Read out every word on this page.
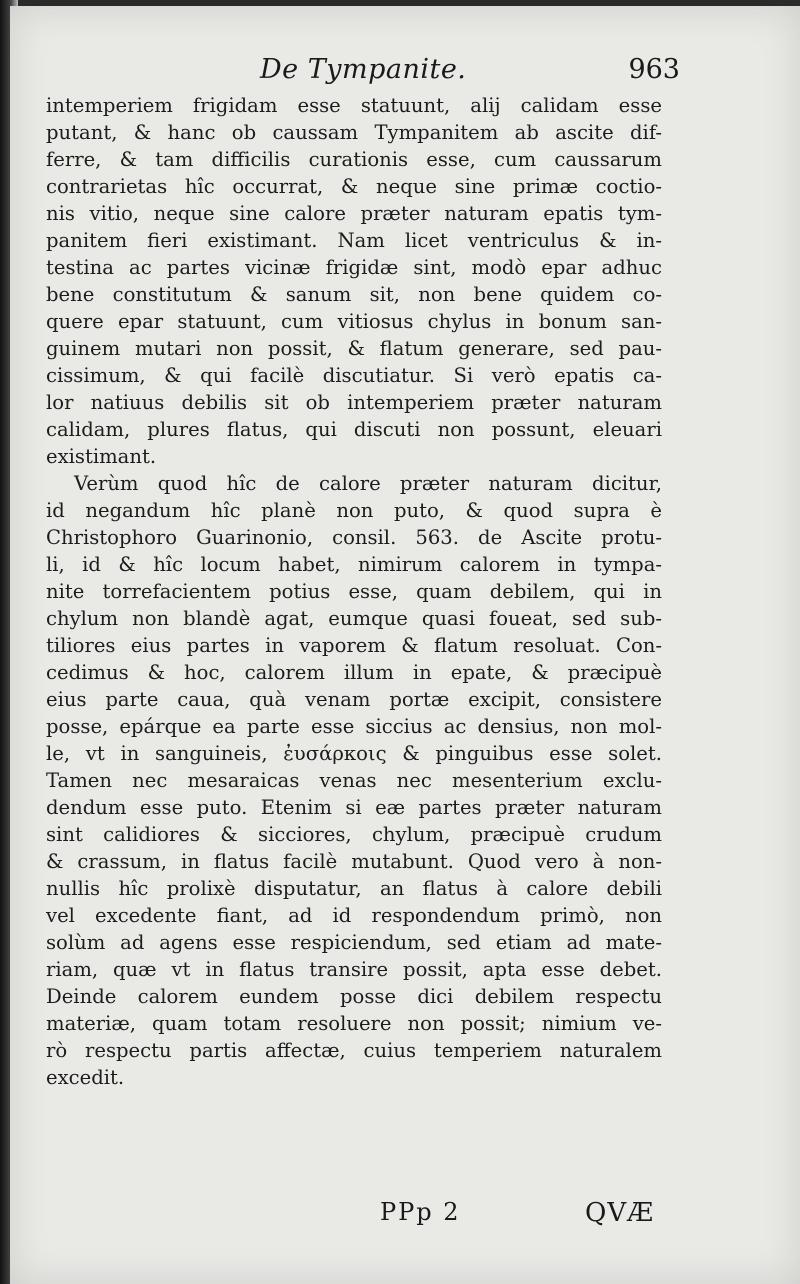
De Tympanite.	963
intemperiem frigidam esse statuunt, alij calidam esse
putant, & hanc ob caussam Tympanitem ab ascite dif-
ferre, & tam difficilis curationis esse, cum caussarum
contrarietas hîc occurrat, & neque sine primæ coctio-
nis vitio, neque sine calore præter naturam epatis tym-
panitem fieri existimant. Nam licet ventriculus & in-
testina ac partes vicinæ frigidæ sint, modò epar adhuc
bene constitutum & sanum sit, non bene quidem co-
quere epar statuunt, cum vitiosus chylus in bonum san-
guinem mutari non possit, & flatum generare, sed pau-
cissimum, & qui facilè discutiatur. Si verò epatis ca-
lor natiuus debilis sit ob intemperiem præter naturam
calidam, plures flatus, qui discuti non possunt, eleuari
existimant.
Verùm quod hîc de calore præter naturam dicitur,
id negandum hîc planè non puto, & quod supra è
Christophoro Guarinonio, consil. 563. de Ascite protu-
li, id & hîc locum habet, nimirum calorem in tympa-
nite torrefacientem potius esse, quam debilem, qui in
chylum non blandè agat, eumque quasi foueat, sed sub-
tiliores eius partes in vaporem & flatum resoluat. Con-
cedimus & hoc, calorem illum in epate, & præcipuè
eius parte caua, quà venam portæ excipit, consistere
posse, epárque ea parte esse siccius ac densius, non mol-
le, vt in sanguineis, ἐυσάρκοις & pinguibus esse solet.
Tamen nec mesaraicas venas nec mesenterium exclu-
dendum esse puto. Etenim si eæ partes præter naturam
sint calidiores & sicciores, chylum, præcipuè crudum
& crassum, in flatus facilè mutabunt. Quod vero à non-
nullis hîc prolixè disputatur, an flatus à calore debili
vel excedente fiant, ad id respondendum primò, non
solùm ad agens esse respiciendum, sed etiam ad mate-
riam, quæ vt in flatus transire possit, apta esse debet.
Deinde calorem eundem posse dici debilem respectu
materiæ, quam totam resoluere non possit; nimium ve-
rò respectu partis affectæ, cuius temperiem naturalem
excedit.
PPp 2	QVÆ
